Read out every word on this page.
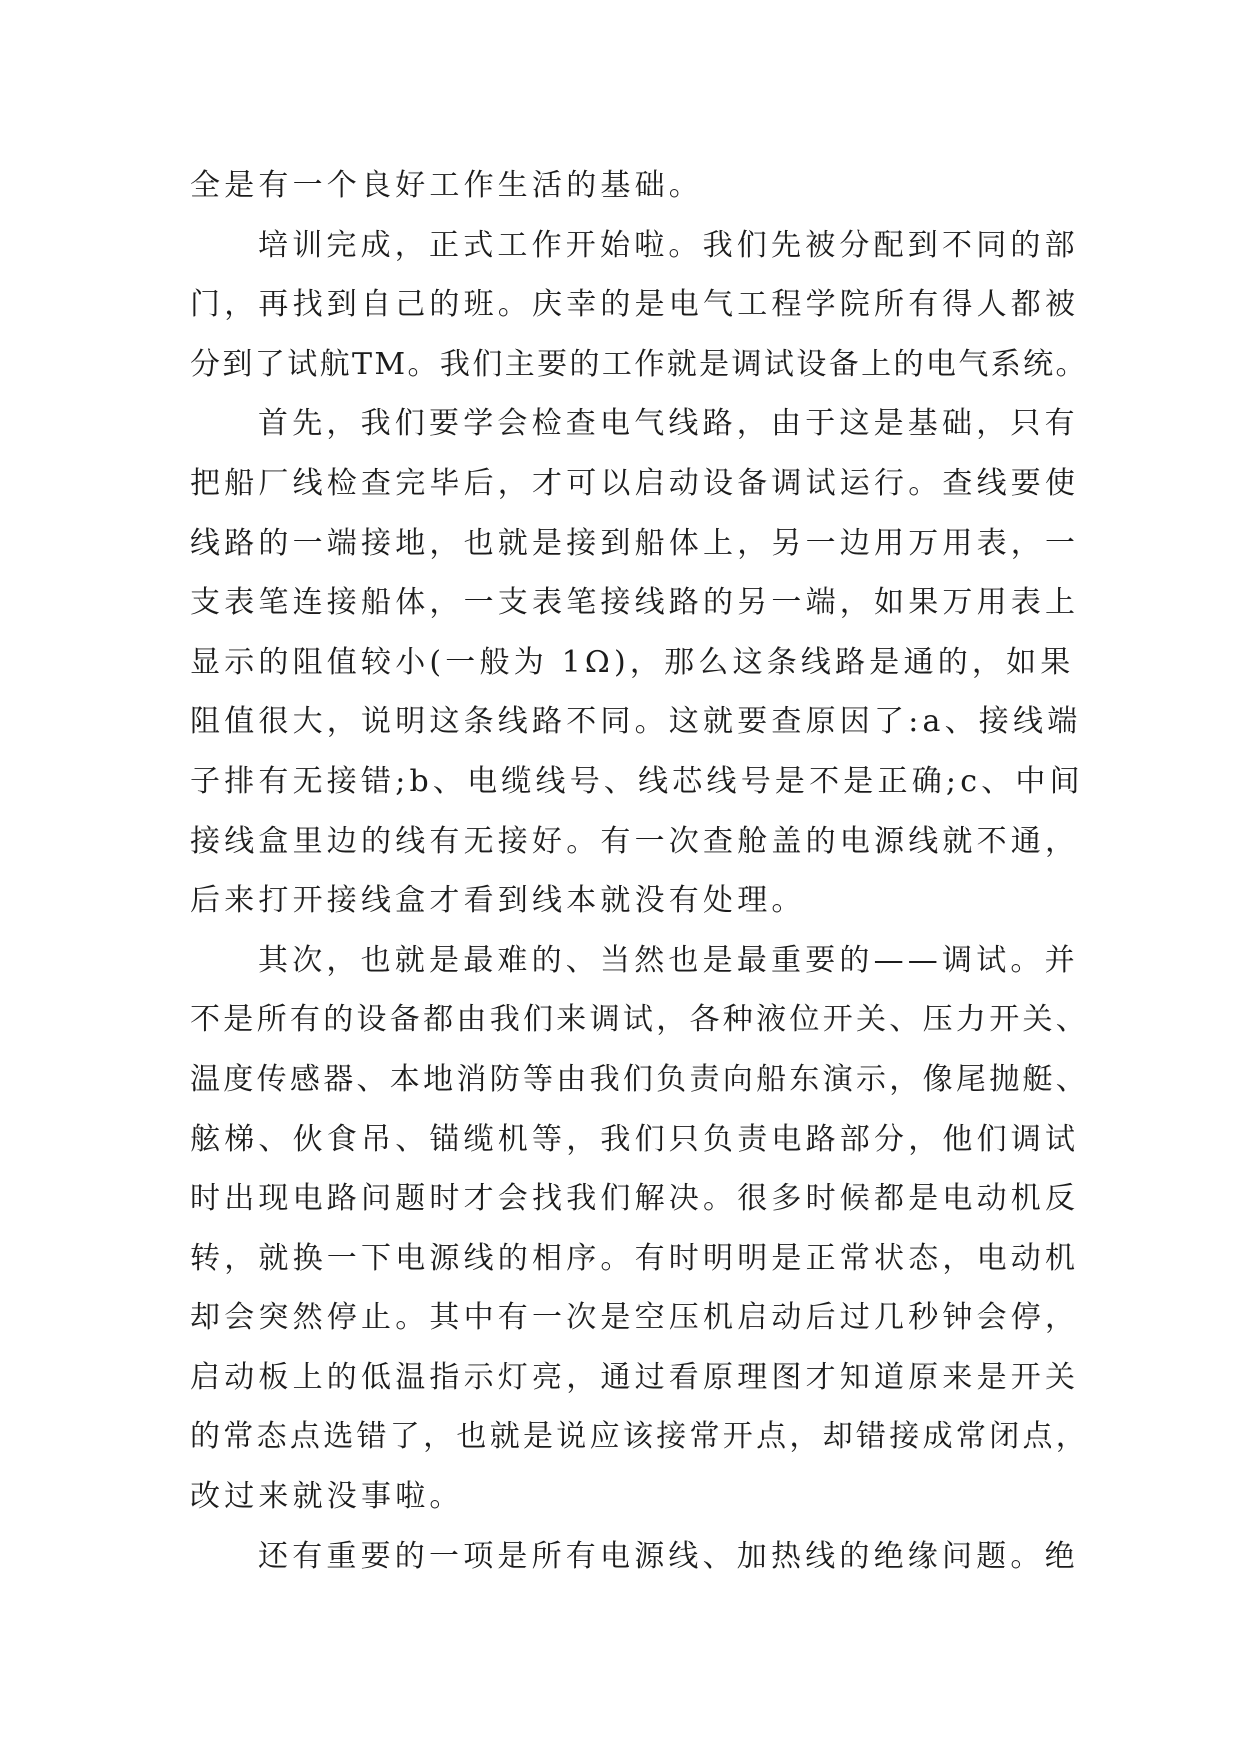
全是有一个良好工作生活的基础。
培训完成，正式工作开始啦。我们先被分配到不同的部
门，再找到自己的班。庆幸的是电气工程学院所有得人都被
分到了试航TM。我们主要的工作就是调试设备上的电气系统。
首先，我们要学会检查电气线路，由于这是基础，只有
把船厂线检查完毕后，才可以启动设备调试运行。查线要使
线路的一端接地，也就是接到船体上，另一边用万用表，一
支表笔连接船体，一支表笔接线路的另一端，如果万用表上
显示的阻值较小(一般为 1Ω)，那么这条线路是通的，如果
阻值很大，说明这条线路不同。这就要查原因了:a、接线端
子排有无接错;b、电缆线号、线芯线号是不是正确;c、中间
接线盒里边的线有无接好。有一次查舱盖的电源线就不通，
后来打开接线盒才看到线本就没有处理。
其次，也就是最难的、当然也是最重要的——调试。并
不是所有的设备都由我们来调试，各种液位开关、压力开关、
温度传感器、本地消防等由我们负责向船东演示，像尾抛艇、
舷梯、伙食吊、锚缆机等，我们只负责电路部分，他们调试
时出现电路问题时才会找我们解决。很多时候都是电动机反
转，就换一下电源线的相序。有时明明是正常状态，电动机
却会突然停止。其中有一次是空压机启动后过几秒钟会停，
启动板上的低温指示灯亮，通过看原理图才知道原来是开关
的常态点选错了，也就是说应该接常开点，却错接成常闭点，
改过来就没事啦。
还有重要的一项是所有电源线、加热线的绝缘问题。绝
